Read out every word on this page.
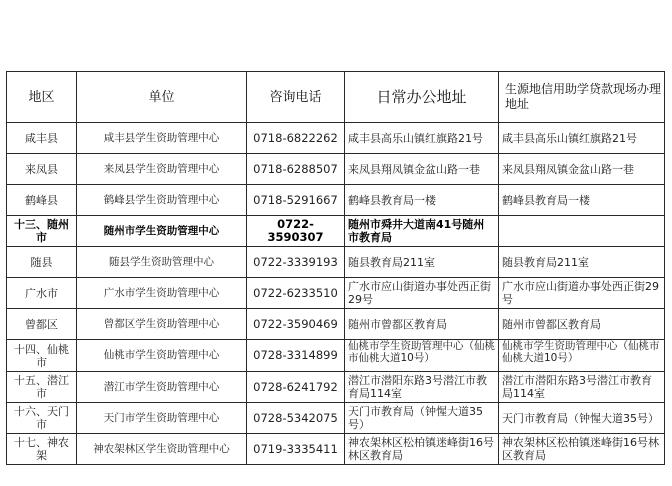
地区	单位	咨询电话	日常办公地址	生源地信用助学贷款现场办理地址
咸丰县	咸丰县学生资助管理中心	0718-6822262	咸丰县高乐山镇红旗路21号	咸丰县高乐山镇红旗路21号
来凤县	来凤县学生资助管理中心	0718-6288507	来凤县翔凤镇金盆山路一巷	来凤县翔凤镇金盆山路一巷
鹤峰县	鹤峰县学生资助管理中心	0718-5291667	鹤峰县教育局一楼	鹤峰县教育局一楼
十三、随州市	随州市学生资助管理中心	0722-3590307	随州市舜井大道南41号随州市教育局	
随县	随县学生资助管理中心	0722-3339193	随县教育局211室	随县教育局211室
广水市	广水市学生资助管理中心	0722-6233510	广水市应山街道办事处西正街29号	广水市应山街道办事处西正街29号
曾都区	曾都区学生资助管理中心	0722-3590469	随州市曾都区教育局	随州市曾都区教育局
十四、仙桃市	仙桃市学生资助管理中心	0728-3314899	仙桃市学生资助管理中心（仙桃市仙桃大道10号）	仙桃市学生资助管理中心（仙桃市仙桃大道10号）
十五、潜江市	潜江市学生资助管理中心	0728-6241792	潜江市潜阳东路3号潜江市教育局114室	潜江市潜阳东路3号潜江市教育局114室
十六、天门市	天门市学生资助管理中心	0728-5342075	天门市教育局（钟惺大道35号）	天门市教育局（钟惺大道35号）
十七、神农架	神农架林区学生资助管理中心	0719-3335411	神农架林区松柏镇迷峰街16号林区教育局	神农架林区松柏镇迷峰街16号林区教育局
